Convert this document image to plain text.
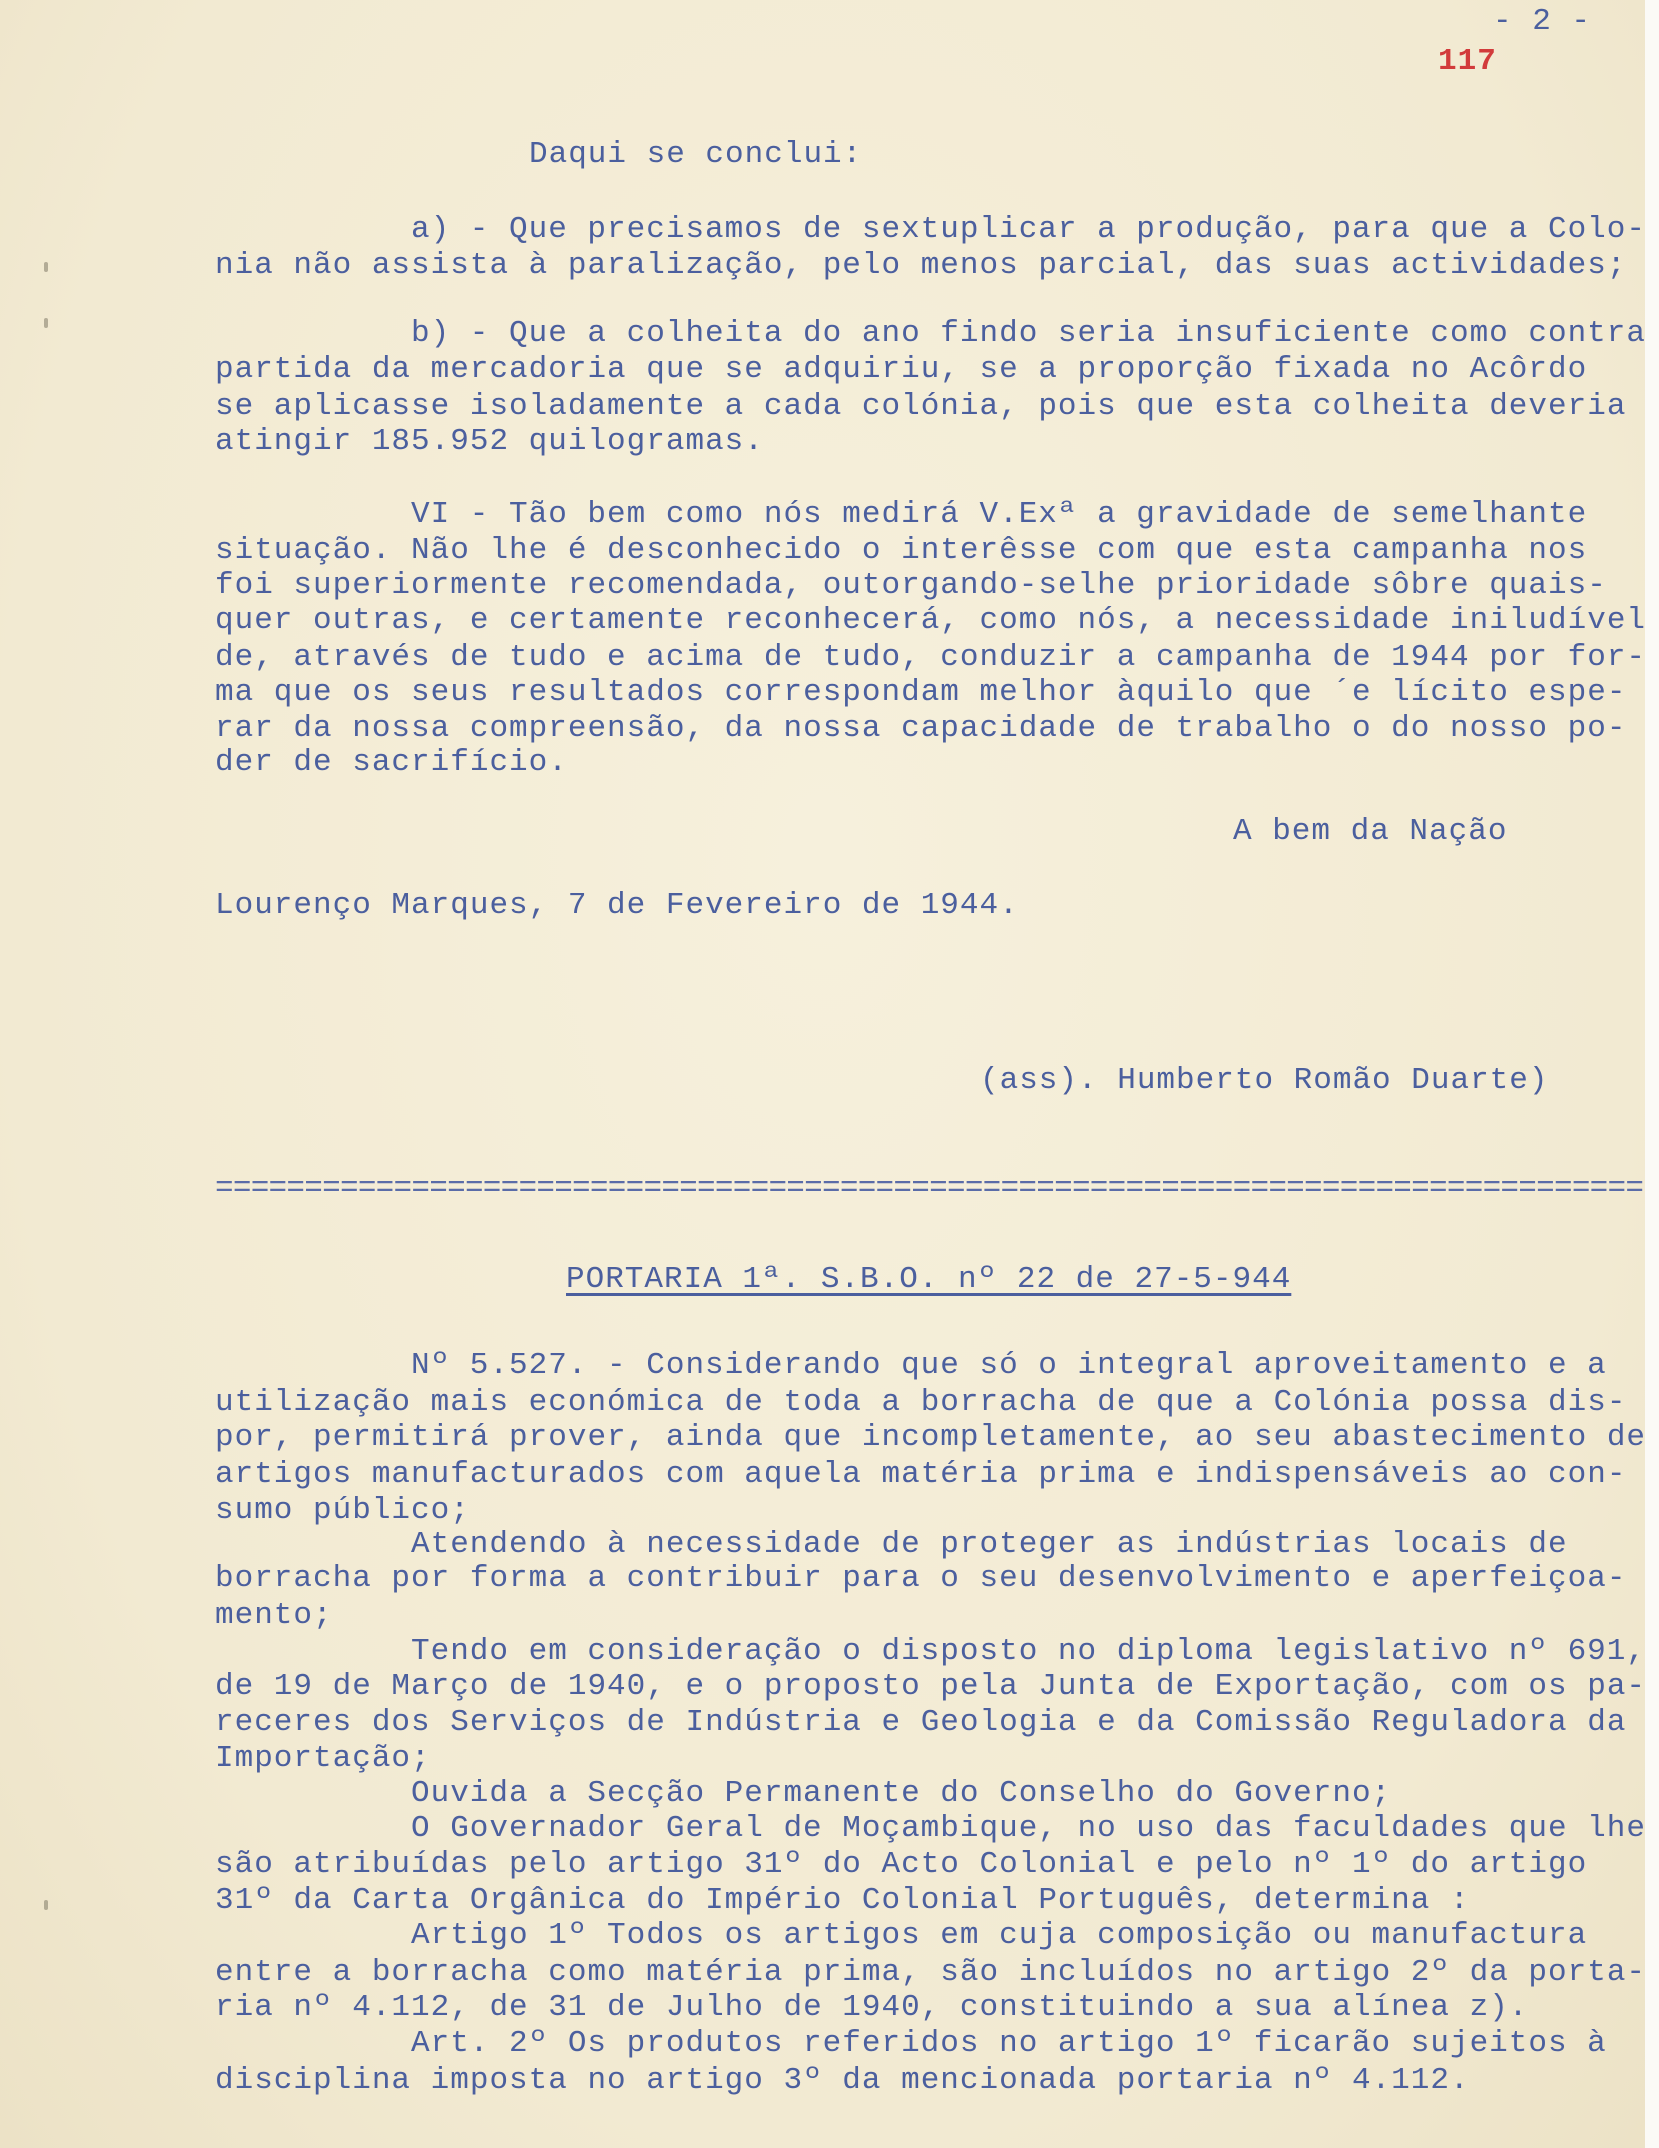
- 2 -
117
Daqui se conclui:
a) - Que precisamos de sextuplicar a produção, para que a Colo-
nia não assista à paralização, pelo menos parcial, das suas actividades;
b) - Que a colheita do ano findo seria insuficiente como contra
partida da mercadoria que se adquiriu, se a proporção fixada no Acôrdo
se aplicasse isoladamente a cada colónia, pois que esta colheita deveria
atingir 185.952 quilogramas.
VI - Tão bem como nós medirá V.Exª a gravidade de semelhante
situação. Não lhe é desconhecido o interêsse com que esta campanha nos
foi superiormente recomendada, outorgando-selhe prioridade sôbre quais-
quer outras, e certamente reconhecerá, como nós, a necessidade iniludível
de, através de tudo e acima de tudo, conduzir a campanha de 1944 por for-
ma que os seus resultados correspondam melhor àquilo que ´e lícito espe-
rar da nossa compreensão, da nossa capacidade de trabalho o do nosso po-
der de sacrifício.
A bem da Nação
Lourenço Marques, 7 de Fevereiro de 1944.
(ass). Humberto Romão Duarte)
================================================================================
PORTARIA 1ª. S.B.O. nº 22 de 27-5-944
Nº 5.527. - Considerando que só o integral aproveitamento e a
utilização mais económica de toda a borracha de que a Colónia possa dis-
por, permitirá prover, ainda que incompletamente, ao seu abastecimento de
artigos manufacturados com aquela matéria prima e indispensáveis ao con-
sumo público;
Atendendo à necessidade de proteger as indústrias locais de
borracha por forma a contribuir para o seu desenvolvimento e aperfeiçoa-
mento;
Tendo em consideração o disposto no diploma legislativo nº 691,
de 19 de Março de 1940, e o proposto pela Junta de Exportação, com os pa-
receres dos Serviços de Indústria e Geologia e da Comissão Reguladora da
Importação;
Ouvida a Secção Permanente do Conselho do Governo;
O Governador Geral de Moçambique, no uso das faculdades que lhe
são atribuídas pelo artigo 31º do Acto Colonial e pelo nº 1º do artigo
31º da Carta Orgânica do Império Colonial Português, determina :
Artigo 1º Todos os artigos em cuja composição ou manufactura
entre a borracha como matéria prima, são incluídos no artigo 2º da porta-
ria nº 4.112, de 31 de Julho de 1940, constituindo a sua alínea z).
Art. 2º Os produtos referidos no artigo 1º ficarão sujeitos à
disciplina imposta no artigo 3º da mencionada portaria nº 4.112.
